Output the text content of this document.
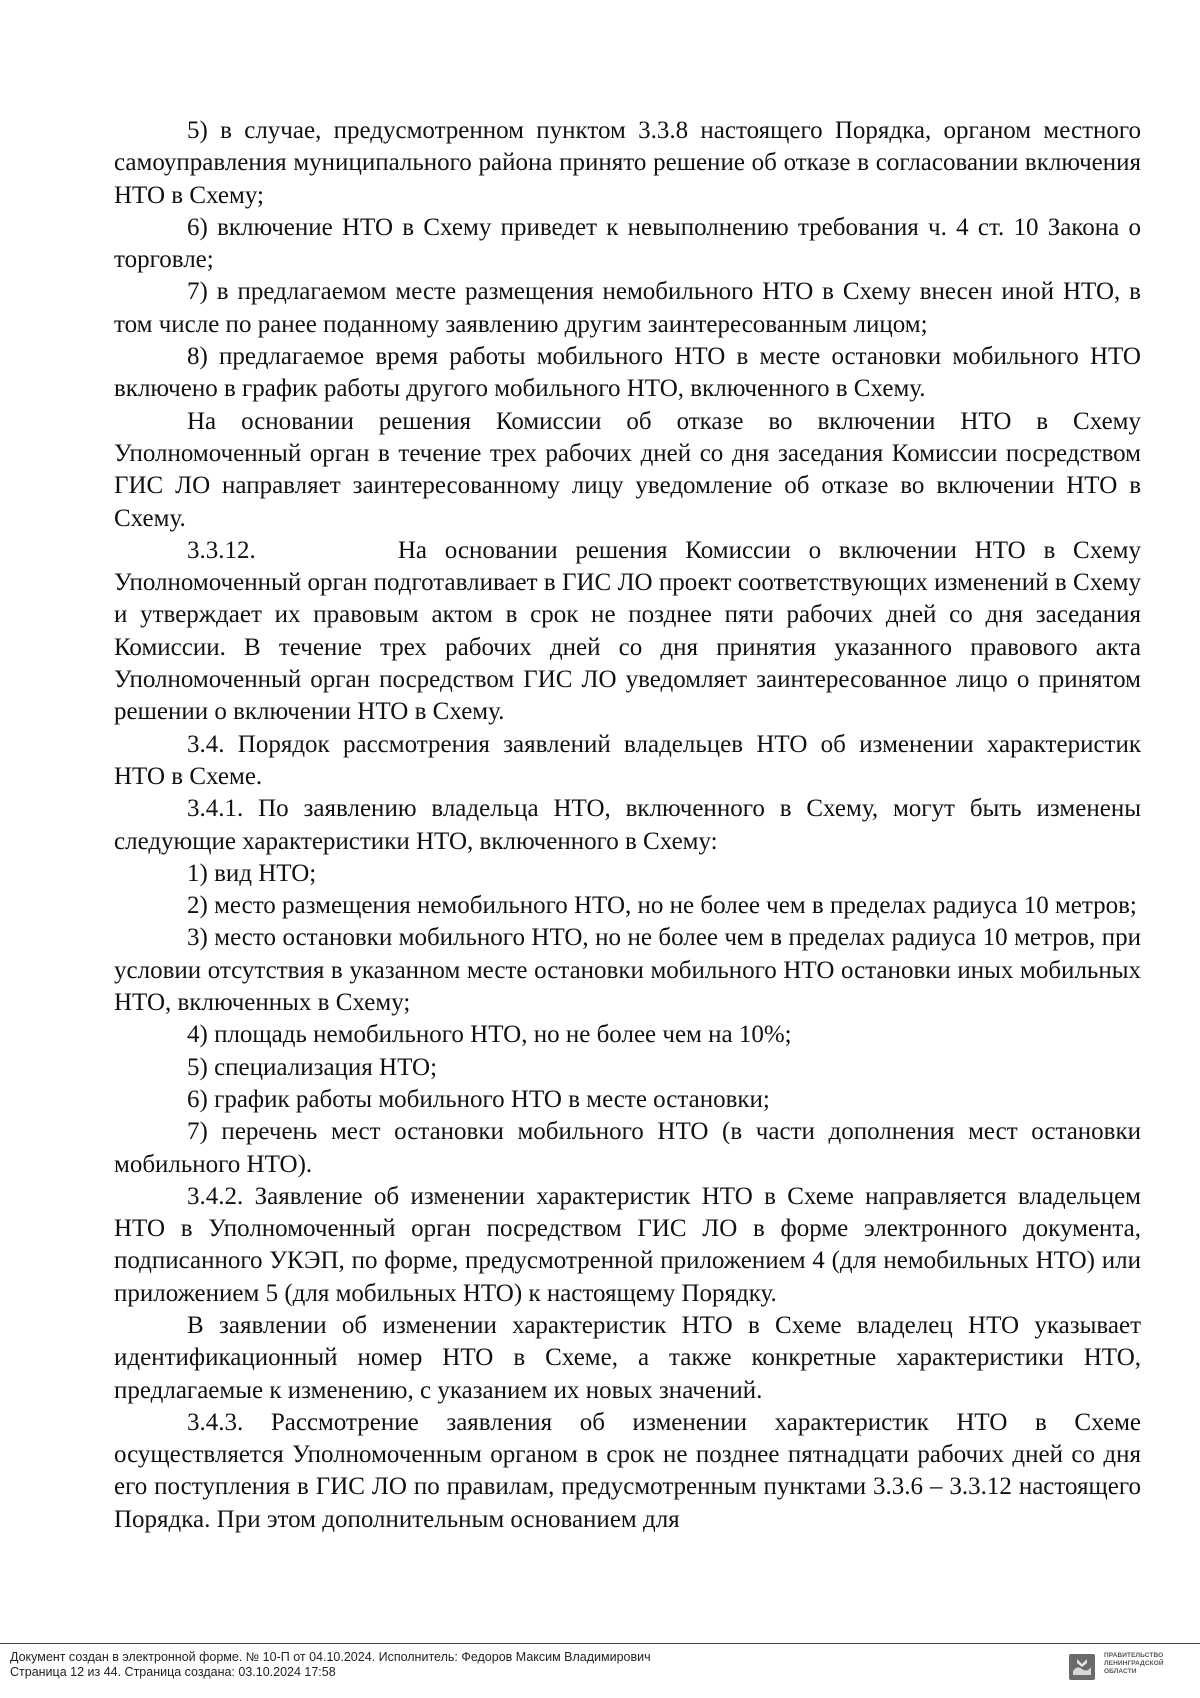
5) в случае, предусмотренном пунктом 3.3.8 настоящего Порядка, органом местного самоуправления муниципального района принято решение об отказе в согласовании включения НТО в Схему;

6) включение НТО в Схему приведет к невыполнению требования ч. 4 ст. 10 Закона о торговле;

7) в предлагаемом месте размещения немобильного НТО в Схему внесен иной НТО, в том числе по ранее поданному заявлению другим заинтересованным лицом;

8) предлагаемое время работы мобильного НТО в месте остановки мобильного НТО включено в график работы другого мобильного НТО, включенного в Схему.

На основании решения Комиссии об отказе во включении НТО в Схему Уполномоченный орган в течение трех рабочих дней со дня заседания Комиссии посредством ГИС ЛО направляет заинтересованному лицу уведомление об отказе во включении НТО в Схему.

3.3.12.        На основании решения Комиссии о включении НТО в Схему Уполномоченный орган подготавливает в ГИС ЛО проект соответствующих изменений в Схему и утверждает их правовым актом в срок не позднее пяти рабочих дней со дня заседания Комиссии. В течение трех рабочих дней со дня принятия указанного правового акта Уполномоченный орган посредством ГИС ЛО уведомляет заинтересованное лицо о принятом решении о включении НТО в Схему.

3.4. Порядок рассмотрения заявлений владельцев НТО об изменении характеристик НТО в Схеме.

3.4.1. По заявлению владельца НТО, включенного в Схему, могут быть изменены следующие характеристики НТО, включенного в Схему:

1) вид НТО;

2) место размещения немобильного НТО, но не более чем в пределах радиуса 10 метров;

3) место остановки мобильного НТО, но не более чем в пределах радиуса 10 метров, при условии отсутствия в указанном месте остановки мобильного НТО остановки иных мобильных НТО, включенных в Схему;

4) площадь немобильного НТО, но не более чем на 10%;

5) специализация НТО;

6) график работы мобильного НТО в месте остановки;

7) перечень мест остановки мобильного НТО (в части дополнения мест остановки мобильного НТО).

3.4.2. Заявление об изменении характеристик НТО в Схеме направляется владельцем НТО в Уполномоченный орган посредством ГИС ЛО в форме электронного документа, подписанного УКЭП, по форме, предусмотренной приложением 4 (для немобильных НТО) или приложением 5 (для мобильных НТО) к настоящему Порядку.

В заявлении об изменении характеристик НТО в Схеме владелец НТО указывает идентификационный номер НТО в Схеме, а также конкретные характеристики НТО, предлагаемые к изменению, с указанием их новых значений.

3.4.3. Рассмотрение заявления об изменении характеристик НТО в Схеме осуществляется Уполномоченным органом в срок не позднее пятнадцати рабочих дней со дня его поступления в ГИС ЛО по правилам, предусмотренным пунктами 3.3.6 – 3.3.12 настоящего Порядка. При этом дополнительным основанием для

Документ создан в электронной форме. № 10-П от 04.10.2024. Исполнитель: Федоров Максим Владимирович
Страница 12 из 44. Страница создана: 03.10.2024 17:58
ПРАВИТЕЛЬСТВО ЛЕНИНГРАДСКОЙ ОБЛАСТИ
